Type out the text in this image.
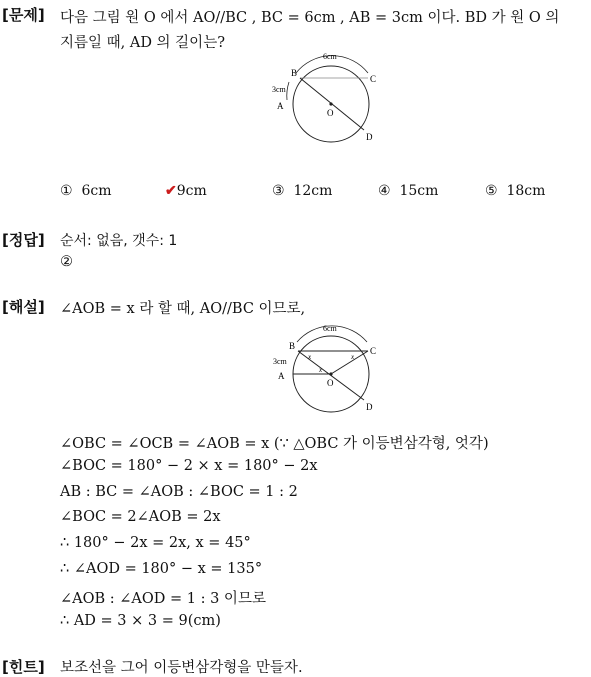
[문제] 다음 그림 원 O 에서 AO//BC , BC = 6cm , AB = 3cm 이다. BD 가 원 O 의
지름일 때, AD 의 길이는?
B
C
A
D
O
6cm
3cm
① 6cm	✔9cm	③ 12cm	④ 15cm	⑤ 18cm
[정답] 순서: 없음, 갯수: 1
②
[해설] ∠AOB = x 라 할 때, AO//BC 이므로,
B	C
A
D
O
6cm
3cm	x	x
x
∠OBC = ∠OCB = ∠AOB = x (∵ △OBC 가 이등변삼각형, 엇각)
∠BOC = 180° − 2 × x = 180° − 2x
AB : BC = ∠AOB : ∠BOC = 1 : 2
∠BOC = 2∠AOB = 2x
∴ 180° − 2x = 2x, x = 45°
∴ ∠AOD = 180° − x = 135°
∠AOB : ∠AOD = 1 : 3 이므로
∴ AD = 3 × 3 = 9(cm)
[힌트] 보조선을 그어 이등변삼각형을 만들자.
